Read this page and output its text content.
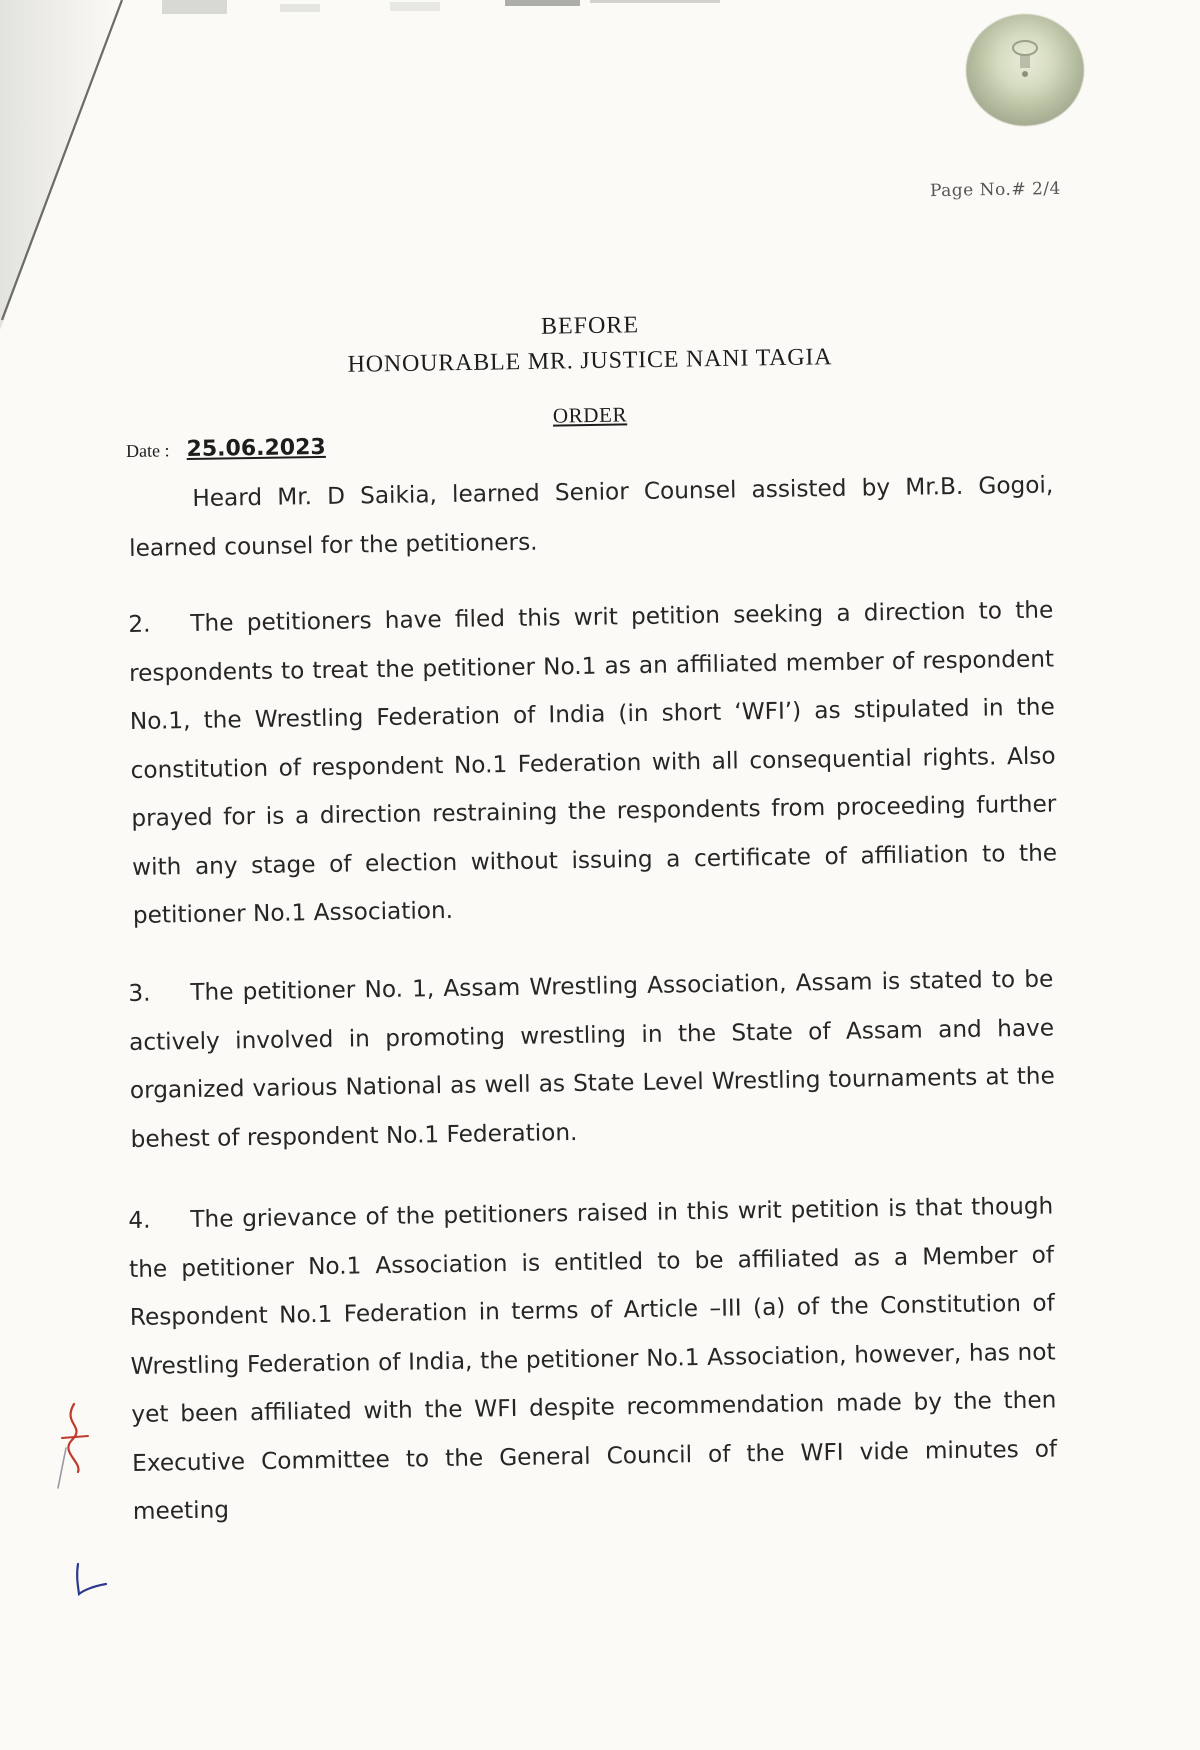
Page No.# 2/4
BEFORE
HONOURABLE MR. JUSTICE NANI TAGIA
ORDER
Date : 25.06.2023

Heard Mr. D Saikia, learned Senior Counsel assisted by Mr.B. Gogoi, learned counsel for the petitioners.

2. The petitioners have filed this writ petition seeking a direction to the respondents to treat the petitioner No.1 as an affiliated member of respondent No.1, the Wrestling Federation of India (in short ‘WFI’) as stipulated in the constitution of respondent No.1 Federation with all consequential rights. Also prayed for is a direction restraining the respondents from proceeding further with any stage of election without issuing a certificate of affiliation to the petitioner No.1 Association.

3. The petitioner No. 1, Assam Wrestling Association, Assam is stated to be actively involved in promoting wrestling in the State of Assam and have organized various National as well as State Level Wrestling tournaments at the behest of respondent No.1 Federation.

4. The grievance of the petitioners raised in this writ petition is that though the petitioner No.1 Association is entitled to be affiliated as a Member of Respondent No.1 Federation in terms of Article –III (a) of the Constitution of Wrestling Federation of India, the petitioner No.1 Association, however, has not yet been affiliated with the WFI despite recommendation made by the then Executive Committee to the General Council of the WFI vide minutes of meeting
